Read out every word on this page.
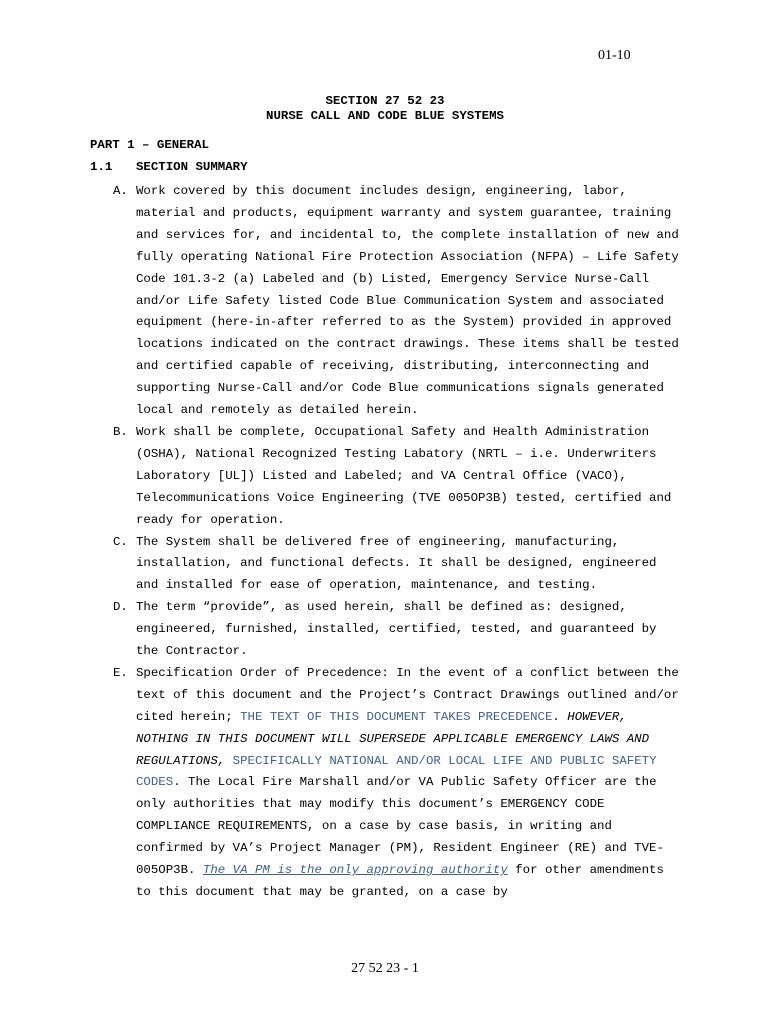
01-10
SECTION 27 52 23
NURSE CALL AND CODE BLUE SYSTEMS
PART 1 – GENERAL
1.1 SECTION SUMMARY
A. Work covered by this document includes design, engineering, labor, material and products, equipment warranty and system guarantee, training and services for, and incidental to, the complete installation of new and fully operating National Fire Protection Association (NFPA) – Life Safety Code 101.3-2 (a) Labeled and (b) Listed, Emergency Service Nurse-Call and/or Life Safety listed Code Blue Communication System and associated equipment (here-in-after referred to as the System) provided in approved locations indicated on the contract drawings. These items shall be tested and certified capable of receiving, distributing, interconnecting and supporting Nurse-Call and/or Code Blue communications signals generated local and remotely as detailed herein.
B. Work shall be complete, Occupational Safety and Health Administration (OSHA), National Recognized Testing Labatory (NRTL – i.e. Underwriters Laboratory [UL]) Listed and Labeled; and VA Central Office (VACO), Telecommunications Voice Engineering (TVE 005OP3B) tested, certified and ready for operation.
C. The System shall be delivered free of engineering, manufacturing, installation, and functional defects. It shall be designed, engineered and installed for ease of operation, maintenance, and testing.
D. The term “provide”, as used herein, shall be defined as: designed, engineered, furnished, installed, certified, tested, and guaranteed by the Contractor.
E. Specification Order of Precedence: In the event of a conflict between the text of this document and the Project’s Contract Drawings outlined and/or cited herein; THE TEXT OF THIS DOCUMENT TAKES PRECEDENCE. HOWEVER, NOTHING IN THIS DOCUMENT WILL SUPERSEDE APPLICABLE EMERGENCY LAWS AND REGULATIONS, SPECIFICALLY NATIONAL AND/OR LOCAL LIFE AND PUBLIC SAFETY CODES. The Local Fire Marshall and/or VA Public Safety Officer are the only authorities that may modify this document’s EMERGENCY CODE COMPLIANCE REQUIREMENTS, on a case by case basis, in writing and confirmed by VA’s Project Manager (PM), Resident Engineer (RE) and TVE-005OP3B. The VA PM is the only approving authority for other amendments to this document that may be granted, on a case by
27 52 23 - 1
